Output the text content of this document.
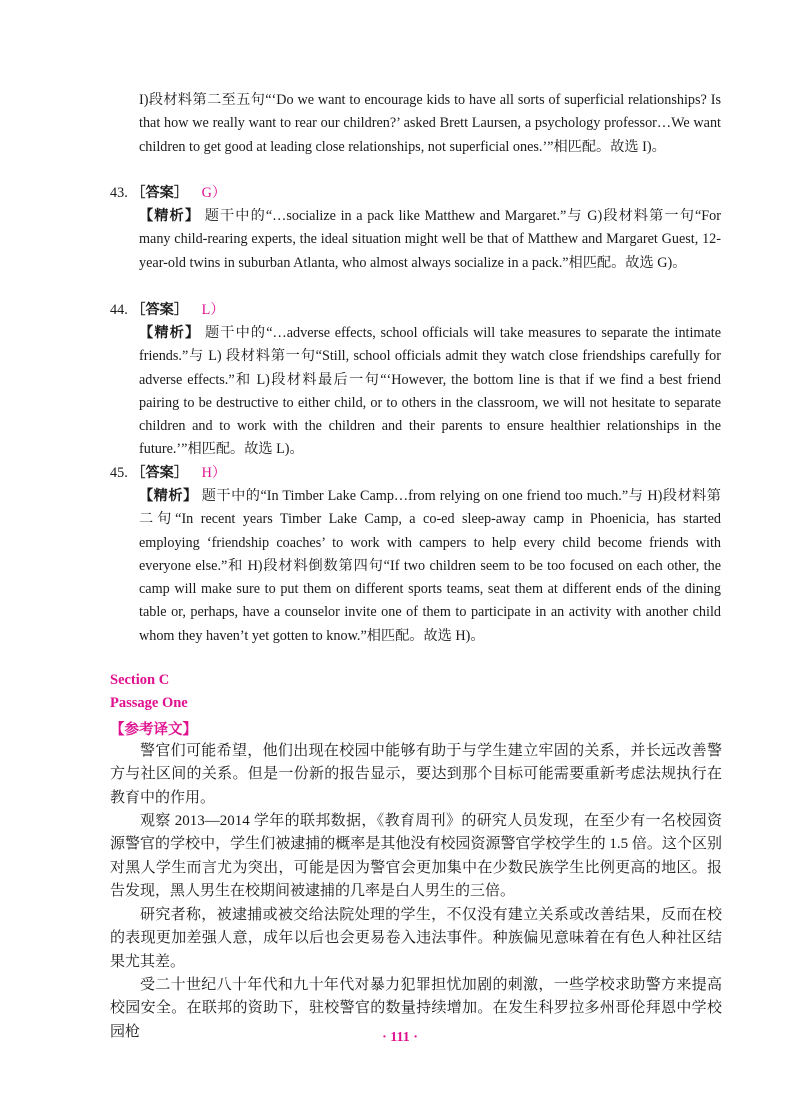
I)段材料第二至五句“‘Do we want to encourage kids to have all sorts of superficial relationships? Is that how we really want to rear our children?’ asked Brett Laursen, a psychology professor…We want children to get good at leading close relationships, not superficial ones.’”相匹配。故选 I)。
43. ［答案］ G）
【精析】 题干中的“…socialize in a pack like Matthew and Margaret.”与 G)段材料第一句“For many child-rearing experts, the ideal situation might well be that of Matthew and Margaret Guest, 12-year-old twins in suburban Atlanta, who almost always socialize in a pack.”相匹配。故选 G)。
44. ［答案］ L）
【精析】 题干中的“…adverse effects, school officials will take measures to separate the intimate friends.”与 L) 段材料第一句“Still, school officials admit they watch close friendships carefully for adverse effects.”和 L)段材料最后一句“‘However, the bottom line is that if we find a best friend pairing to be destructive to either child, or to others in the classroom, we will not hesitate to separate children and to work with the children and their parents to ensure healthier relationships in the future.’”相匹配。故选 L)。
45. ［答案］ H）
【精析】 题干中的“In Timber Lake Camp…from relying on one friend too much.”与 H)段材料第二句“In recent years Timber Lake Camp, a co-ed sleep-away camp in Phoenicia, has started employing ‘friendship coaches’ to work with campers to help every child become friends with everyone else.”和 H)段材料倒数第四句“If two children seem to be too focused on each other, the camp will make sure to put them on different sports teams, seat them at different ends of the dining table or, perhaps, have a counselor invite one of them to participate in an activity with another child whom they haven’t yet gotten to know.”相匹配。故选 H)。
Section C
Passage One
【参考译文】
警官们可能希望，他们出现在校园中能够有助于与学生建立牢固的关系，并长远改善警方与社区间的关系。但是一份新的报告显示，要达到那个目标可能需要重新考虑法规执行在教育中的作用。
观察 2013—2014 学年的联邦数据，《教育周刊》的研究人员发现，在至少有一名校园资源警官的学校中，学生们被逮捕的概率是其他没有校园资源警官学校学生的 1.5 倍。这个区别对黑人学生而言尤为突出，可能是因为警官会更加集中在少数民族学生比例更高的地区。报告发现，黑人男生在校期间被逮捕的几率是白人男生的三倍。
研究者称，被逮捕或被交给法院处理的学生，不仅没有建立关系或改善结果，反而在校的表现更加差强人意，成年以后也会更易卷入违法事件。种族偏见意味着在有色人种社区结果尤其差。
受二十世纪八十年代和九十年代对暴力犯罪担忧加剧的刺激，一些学校求助警方来提高校园安全。在联邦的资助下，驻校警官的数量持续增加。在发生科罗拉多州哥伦拜恩中学校园枪	· 111 ·
